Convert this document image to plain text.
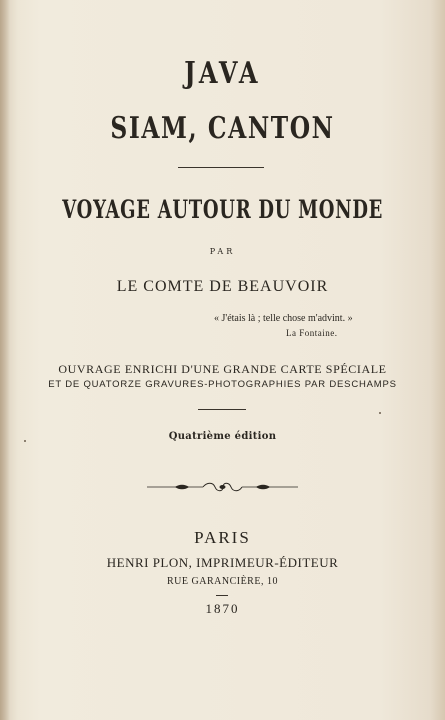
JAVA
SIAM, CANTON
VOYAGE AUTOUR DU MONDE
PAR
LE COMTE DE BEAUVOIR
« J'étais là ; telle chose m'advint. »
La Fontaine.
OUVRAGE ENRICHI D'UNE GRANDE CARTE SPÉCIALE
ET DE QUATORZE GRAVURES-PHOTOGRAPHIES PAR DESCHAMPS
Quatrième édition
PARIS
HENRI PLON, IMPRIMEUR-ÉDITEUR
RUE GARANCIÈRE, 10
1870
